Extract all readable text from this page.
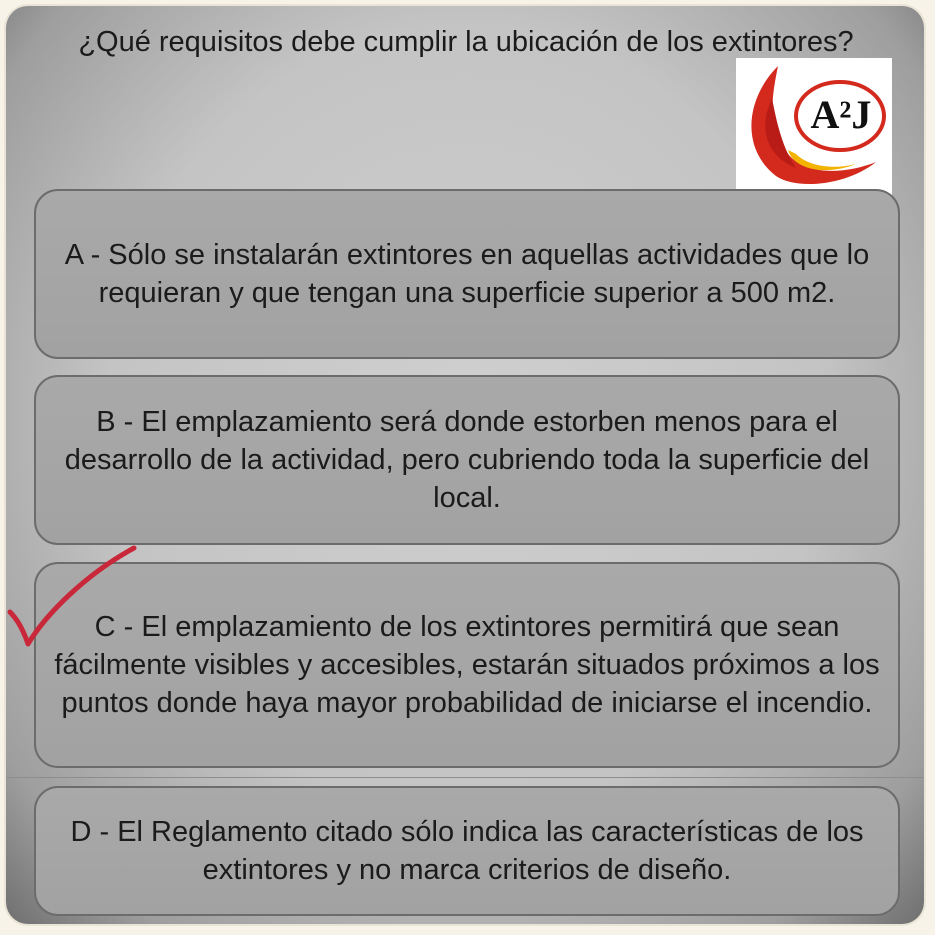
¿Qué requisitos debe cumplir la ubicación de los extintores?
A²J
A - Sólo se instalarán extintores en aquellas actividades que lo requieran y que tengan una superficie superior a 500 m2.
B - El emplazamiento será donde estorben menos para el desarrollo de la actividad, pero cubriendo toda la superficie del local.
C - El emplazamiento de los extintores permitirá que sean fácilmente visibles y accesibles, estarán situados próximos a los puntos donde haya mayor probabilidad de iniciarse el incendio.
D - El Reglamento citado sólo indica las características de los extintores y no marca criterios de diseño.
